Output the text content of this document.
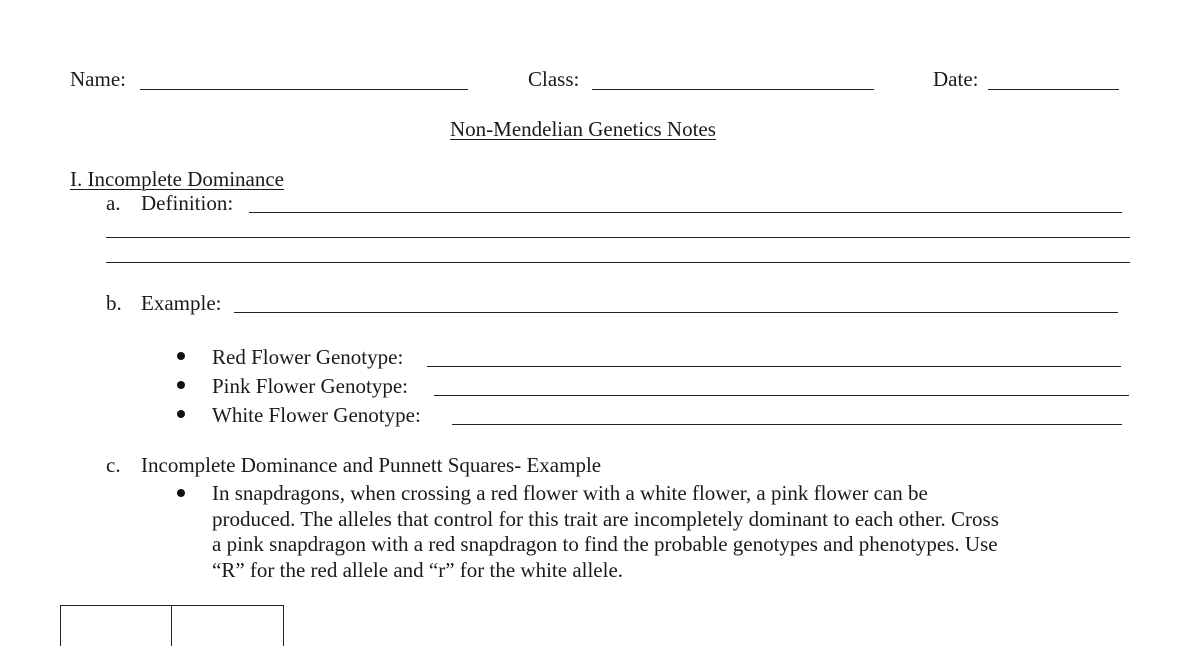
Name:	Class:	Date:
Non-Mendelian Genetics Notes
I. Incomplete Dominance
a. Definition:
b. Example:
Red Flower Genotype:
Pink Flower Genotype:
White Flower Genotype:
c. Incomplete Dominance and Punnett Squares- Example
In snapdragons, when crossing a red flower with a white flower, a pink flower can be
produced. The alleles that control for this trait are incompletely dominant to each other. Cross
a pink snapdragon with a red snapdragon to find the probable genotypes and phenotypes. Use
“R” for the red allele and “r” for the white allele.
